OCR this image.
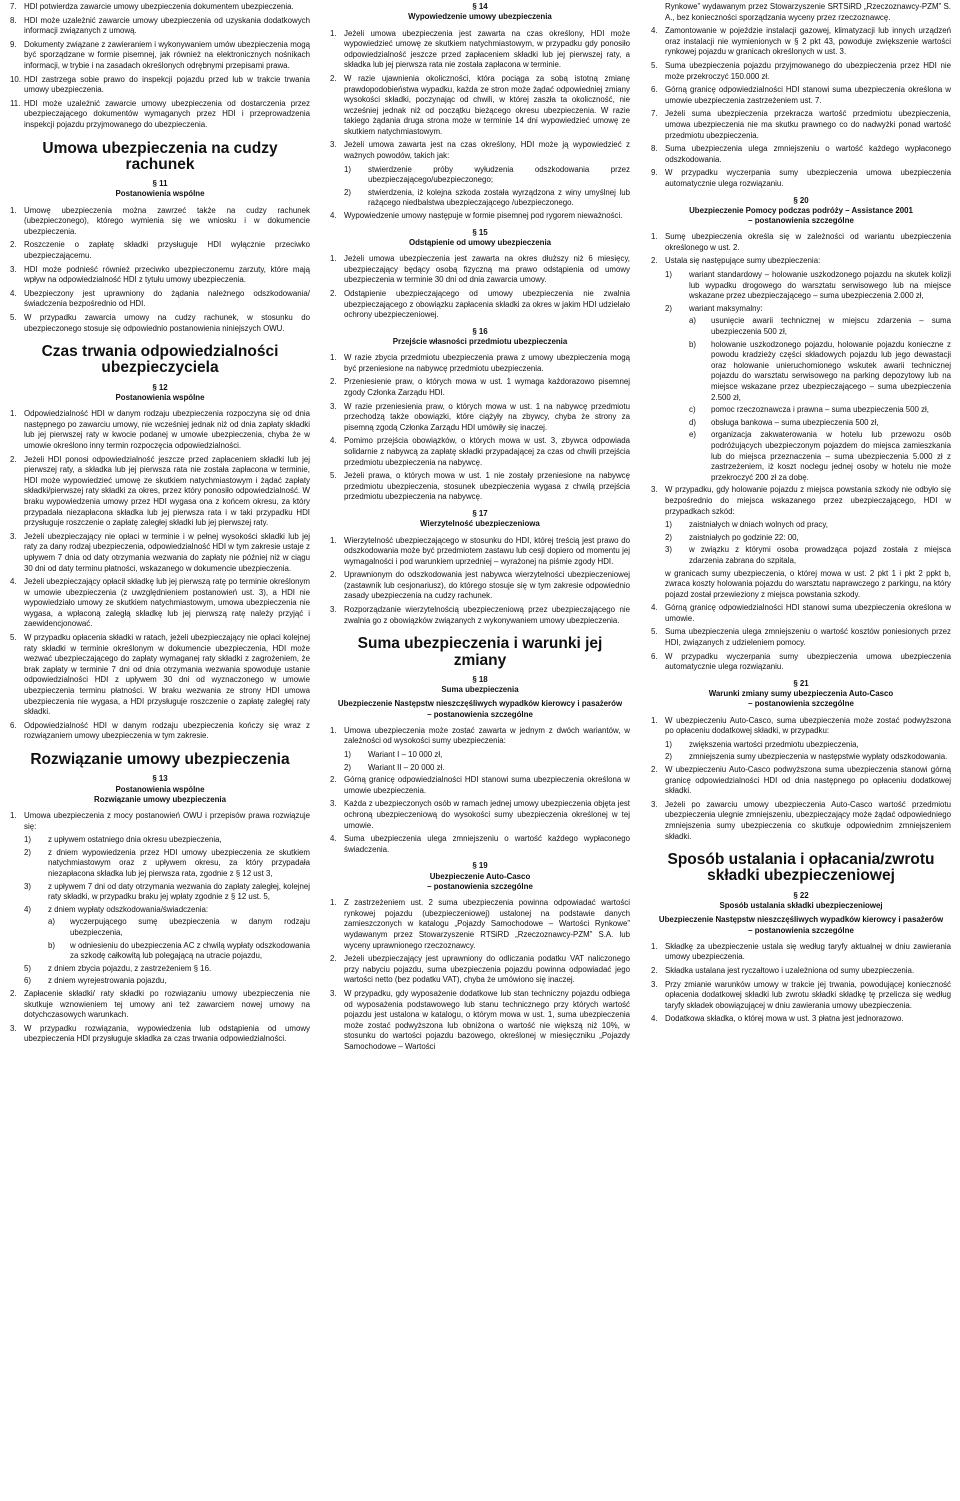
7. HDI potwierdza zawarcie umowy ubezpieczenia dokumentem ubezpieczenia.
8. HDI może uzależnić zawarcie umowy ubezpieczenia od uzyskania dodatkowych informacji związanych z umową.
9. Dokumenty związane z zawieraniem i wykonywaniem umów ubezpieczenia mogą być sporządzane w formie pisemnej, jak również na elektronicznych nośnikach informacji, w trybie i na zasadach określonych odrębnymi przepisami prawa.
10. HDI zastrzega sobie prawo do inspekcji pojazdu przed lub w trakcie trwania umowy ubezpieczenia.
11. HDI może uzależnić zawarcie umowy ubezpieczenia od dostarczenia przez ubezpieczającego dokumentów wymaganych przez HDI i przeprowadzenia inspekcji pojazdu przyjmowanego do ubezpieczenia.
Umowa ubezpieczenia na cudzy rachunek
§ 11
Postanowienia wspólne
1. Umowę ubezpieczenia można zawrzeć także na cudzy rachunek (ubezpieczonego), którego wymienia się we wniosku i w dokumencie ubezpieczenia.
2. Roszczenie o zapłatę składki przysługuje HDI wyłącznie przeciwko ubezpieczającemu.
3. HDI może podnieść również przeciwko ubezpieczonemu zarzuty, które mają wpływ na odpowiedzialność HDI z tytułu umowy ubezpieczenia.
4. Ubezpieczony jest uprawniony do żądania należnego odszkodowania/świadczenia bezpośrednio od HDI.
5. W przypadku zawarcia umowy na cudzy rachunek, w stosunku do ubezpieczonego stosuje się odpowiednio postanowienia niniejszych OWU.
Czas trwania odpowiedzialności ubezpieczyciela
§ 12
Postanowienia wspólne
1. Odpowiedzialność HDI w danym rodzaju ubezpieczenia rozpoczyna się od dnia następnego po zawarciu umowy, nie wcześniej jednak niż od dnia zapłaty składki lub jej pierwszej raty w kwocie podanej w umowie ubezpieczenia, chyba że w umowie określono inny termin rozpoczęcia odpowiedzialności.
2. Jeżeli HDI ponosi odpowiedzialność jeszcze przed zapłaceniem składki lub jej pierwszej raty, a składka lub jej pierwsza rata nie została zapłacona w terminie, HDI może wypowiedzieć umowę ze skutkiem natychmiastowym i żądać zapłaty składki/pierwszej raty składki za okres, przez który ponosiło odpowiedzialność. W braku wypowiedzenia umowy przez HDI wygasa ona z końcem okresu, za który przypadała niezapłacona składka lub jej pierwsza rata i w taki przypadku HDI przysługuje roszczenie o zapłatę zaległej składki lub jej pierwszej raty.
3. Jeżeli ubezpieczający nie opłaci w terminie i w pełnej wysokości składki lub jej raty za dany rodzaj ubezpieczenia, odpowiedzialność HDI w tym zakresie ustaje z upływem 7 dnia od daty otrzymania wezwania do zapłaty nie później niż w ciągu 30 dni od daty terminu płatności, wskazanego w dokumencie ubezpieczenia.
4. Jeżeli ubezpieczający opłacił składkę lub jej pierwszą ratę po terminie określonym w umowie ubezpieczenia (z uwzględnieniem postanowień ust. 3), a HDI nie wypowiedziało umowy ze skutkiem natychmiastowym, umowa ubezpieczenia nie wygasa, a wpłaconą zaległą składkę lub jej pierwszą ratę należy przyjąć i zaewidencjonować.
5. W przypadku opłacenia składki w ratach, jeżeli ubezpieczający nie opłaci kolejnej raty składki w terminie określonym w dokumencie ubezpieczenia, HDI może wezwać ubezpieczającego do zapłaty wymaganej raty składki z zagrożeniem, że brak zapłaty w terminie 7 dni od dnia otrzymania wezwania spowoduje ustanie odpowiedzialności HDI z upływem 30 dni od wyznaczonego w umowie ubezpieczenia terminu płatności. W braku wezwania ze strony HDI umowa ubezpieczenia nie wygasa, a HDI przysługuje roszczenie o zapłatę zaległej raty składki.
6. Odpowiedzialność HDI w danym rodzaju ubezpieczenia kończy się wraz z rozwiązaniem umowy ubezpieczenia w tym zakresie.
Rozwiązanie umowy ubezpieczenia
§ 13
Postanowienia wspólne
Rozwiązanie umowy ubezpieczenia
1. Umowa ubezpieczenia z mocy postanowień OWU i przepisów prawa rozwiązuje się:
1) z upływem ostatniego dnia okresu ubezpieczenia,
2) z dniem wypowiedzenia przez HDI umowy ubezpieczenia ze skutkiem natychmiastowym oraz z upływem okresu, za który przypadała niezapłacona składka lub jej pierwsza rata, zgodnie z § 12 ust 3,
3) z upływem 7 dni od daty otrzymania wezwania do zapłaty zaległej, kolejnej raty składki, w przypadku braku jej wpłaty zgodnie z § 12 ust. 5,
4) z dniem wypłaty odszkodowania/świadczenia:
a) wyczerpującego sumę ubezpieczenia w danym rodzaju ubezpieczenia,
b) w odniesieniu do ubezpieczenia AC z chwilą wypłaty odszkodowania za szkodę całkowitą lub polegającą na utracie pojazdu,
5) z dniem zbycia pojazdu, z zastrzeżeniem § 16.
6) z dniem wyrejestrowania pojazdu,
2. Zapłacenie składki/ raty składki po rozwiązaniu umowy ubezpieczenia nie skutkuje wznowieniem tej umowy ani też zawarciem nowej umowy na dotychczasowych warunkach.
3. W przypadku rozwiązania, wypowiedzenia lub odstąpienia od umowy ubezpieczenia HDI przysługuje składka za czas trwania odpowiedzialności.
§ 14
Wypowiedzenie umowy ubezpieczenia
1. Jeżeli umowa ubezpieczenia jest zawarta na czas określony, HDI może wypowiedzieć umowę ze skutkiem natychmiastowym, w przypadku gdy ponosiło odpowiedzialność jeszcze przed zapłaceniem składki lub jej pierwszej raty, a składka lub jej pierwsza rata nie została zapłacona w terminie.
2. W razie ujawnienia okoliczności, która pociąga za sobą istotną zmianę prawdopodobieństwa wypadku, każda ze stron może żądać odpowiedniej zmiany wysokości składki, poczynając od chwili, w której zaszła ta okoliczność, nie wcześniej jednak niż od początku bieżącego okresu ubezpieczenia. W razie takiego żądania druga strona może w terminie 14 dni wypowiedzieć umowę ze skutkiem natychmiastowym.
3. Jeżeli umowa zawarta jest na czas określony, HDI może ją wypowiedzieć z ważnych powodów, takich jak:
1) stwierdzenie próby wyłudzenia odszkodowania przez ubezpieczającego/ubezpieczonego;
2) stwierdzenia, iż kolejna szkoda została wyrządzona z winy umyślnej lub rażącego niedbalstwa ubezpieczającego /ubezpieczonego.
4. Wypowiedzenie umowy następuje w formie pisemnej pod rygorem nieważności.
§ 15
Odstąpienie od umowy ubezpieczenia
1. Jeżeli umowa ubezpieczenia jest zawarta na okres dłuższy niż 6 miesięcy, ubezpieczający będący osobą fizyczną ma prawo odstąpienia od umowy ubezpieczenia w terminie 30 dni od dnia zawarcia umowy.
2. Odstąpienie ubezpieczającego od umowy ubezpieczenia nie zwalnia ubezpieczającego z obowiązku zapłacenia składki za okres w jakim HDI udzielało ochrony ubezpieczeniowej.
§ 16
Przejście własności przedmiotu ubezpieczenia
1. W razie zbycia przedmiotu ubezpieczenia prawa z umowy ubezpieczenia mogą być przeniesione na nabywcę przedmiotu ubezpieczenia.
2. Przeniesienie praw, o których mowa w ust. 1 wymaga każdorazowo pisemnej zgody Członka Zarządu HDI.
3. W razie przeniesienia praw, o których mowa w ust. 1 na nabywcę przedmiotu przechodzą także obowiązki, które ciążyły na zbywcy, chyba że strony za pisemną zgodą Członka Zarządu HDI umówiły się inaczej.
4. Pomimo przejścia obowiązków, o których mowa w ust. 3, zbywca odpowiada solidarnie z nabywcą za zapłatę składki przypadającej za czas od chwili przejścia przedmiotu ubezpieczenia na nabywcę.
5. Jeżeli prawa, o których mowa w ust. 1 nie zostały przeniesione na nabywcę przedmiotu ubezpieczenia, stosunek ubezpieczenia wygasa z chwilą przejścia przedmiotu ubezpieczenia na nabywcę.
§ 17
Wierzytelność ubezpieczeniowa
1. Wierzytelność ubezpieczającego w stosunku do HDI, której treścią jest prawo do odszkodowania może być przedmiotem zastawu lub cesji dopiero od momentu jej wymagalności i pod warunkiem uprzedniej – wyrażonej na piśmie zgody HDI.
2. Uprawnionym do odszkodowania jest nabywca wierzytelności ubezpieczeniowej (zastawnik lub cesjonariusz), do którego stosuje się w tym zakresie odpowiednio zasady ubezpieczenia na cudzy rachunek.
3. Rozporządzanie wierzytelnością ubezpieczeniową przez ubezpieczającego nie zwalnia go z obowiązków związanych z wykonywaniem umowy ubezpieczenia.
Suma ubezpieczenia i warunki jej zmiany
§ 18
Suma ubezpieczenia
Ubezpieczenie Następstw nieszczęśliwych wypadków kierowcy i pasażerów
– postanowienia szczególne
1. Umowa ubezpieczenia może zostać zawarta w jednym z dwóch wariantów, w zależności od wysokości sumy ubezpieczenia:
1) Wariant I – 10 000 zł,
2) Wariant II – 20 000 zł.
2. Górną granicę odpowiedzialności HDI stanowi suma ubezpieczenia określona w umowie ubezpieczenia.
3. Każda z ubezpieczonych osób w ramach jednej umowy ubezpieczenia objęta jest ochroną ubezpieczeniową do wysokości sumy ubezpieczenia określonej w tej umowie.
4. Suma ubezpieczenia ulega zmniejszeniu o wartość każdego wypłaconego świadczenia.
§ 19
Ubezpieczenie Auto-Casco
– postanowienia szczególne
1. Z zastrzeżeniem ust. 2 suma ubezpieczenia powinna odpowiadać wartości rynkowej pojazdu (ubezpieczeniowej) ustalonej na podstawie danych zamieszczonych w katalogu „Pojazdy Samochodowe – Wartości Rynkowe” wydawanym przez Stowarzyszenie RTSiRD „Rzeczoznawcy-PZM” S.A. lub wyceny uprawnionego rzeczoznawcy.
2. Jeżeli ubezpieczający jest uprawniony do odliczania podatku VAT naliczonego przy nabyciu pojazdu, suma ubezpieczenia pojazdu powinna odpowiadać jego wartości netto (bez podatku VAT), chyba że umówiono się inaczej.
3. W przypadku, gdy wyposażenie dodatkowe lub stan techniczny pojazdu odbiega od wyposażenia podstawowego lub stanu technicznego przy których wartość pojazdu jest ustalona w katalogu, o którym mowa w ust. 1, suma ubezpieczenia może zostać podwyższona lub obniżona o wartość nie większą niż 10%, w stosunku do wartości pojazdu bazowego, określonej w miesięczniku „Pojazdy Samochodowe – Wartości
Rynkowe” wydawanym przez Stowarzyszenie SRTSiRD „Rzeczoznawcy-PZM” S. A., bez konieczności sporządzania wyceny przez rzeczoznawcę.
4. Zamontowanie w pojeździe instalacji gazowej, klimatyzacji lub innych urządzeń oraz instalacji nie wymienionych w § 2 pkt 43, powoduje zwiększenie wartości rynkowej pojazdu w granicach określonych w ust. 3.
5. Suma ubezpieczenia pojazdu przyjmowanego do ubezpieczenia przez HDI nie może przekroczyć 150.000 zł.
6. Górną granicę odpowiedzialności HDI stanowi suma ubezpieczenia określona w umowie ubezpieczenia zastrzeżeniem ust. 7.
7. Jeżeli suma ubezpieczenia przekracza wartość przedmiotu ubezpieczenia, umowa ubezpieczenia nie ma skutku prawnego co do nadwyżki ponad wartość przedmiotu ubezpieczenia.
8. Suma ubezpieczenia ulega zmniejszeniu o wartość każdego wypłaconego odszkodowania.
9. W przypadku wyczerpania sumy ubezpieczenia umowa ubezpieczenia automatycznie ulega rozwiązaniu.
§ 20
Ubezpieczenie Pomocy podczas podróży – Assistance 2001
– postanowienia szczególne
1. Sumę ubezpieczenia określa się w zależności od wariantu ubezpieczenia określonego w ust. 2.
2. Ustala się następujące sumy ubezpieczenia:
1) wariant standardowy – holowanie uszkodzonego pojazdu na skutek kolizji lub wypadku drogowego do warsztatu serwisowego lub na miejsce wskazane przez ubezpieczającego – suma ubezpieczenia 2.000 zł,
2) wariant maksymalny:
a) usunięcie awarii technicznej w miejscu zdarzenia – suma ubezpieczenia 500 zł,
b) holowanie uszkodzonego pojazdu, holowanie pojazdu konieczne z powodu kradzieży części składowych pojazdu lub jego dewastacji oraz holowanie unieruchomionego wskutek awarii technicznej pojazdu do warsztatu serwisowego na parking depozytowy lub na miejsce wskazane przez ubezpieczającego – suma ubezpieczenia 2.500 zł,
c) pomoc rzeczoznawcza i prawna – suma ubezpieczenia 500 zł,
d) obsługa bankowa – suma ubezpieczenia 500 zł,
e) organizacja zakwaterowania w hotelu lub przewozu osób podróżujących ubezpieczonym pojazdem do miejsca zamieszkania lub do miejsca przeznaczenia – suma ubezpieczenia 5.000 zł z zastrzeżeniem, iż koszt noclegu jednej osoby w hotelu nie może przekroczyć 200 zł za dobę.
3. W przypadku, gdy holowanie pojazdu z miejsca powstania szkody nie odbyło się bezpośrednio do miejsca wskazanego przez ubezpieczającego, HDI w przypadkach szkód:
1) zaistniałych w dniach wolnych od pracy,
2) zaistniałych po godzinie 22: 00,
3) w związku z którymi osoba prowadząca pojazd została z miejsca zdarzenia zabrana do szpitala,
w granicach sumy ubezpieczenia, o której mowa w ust. 2 pkt 1 i pkt 2 ppkt b, zwraca koszty holowania pojazdu do warsztatu naprawczego z parkingu, na który pojazd został przewieziony z miejsca powstania szkody.
4. Górną granicę odpowiedzialności HDI stanowi suma ubezpieczenia określona w umowie.
5. Suma ubezpieczenia ulega zmniejszeniu o wartość kosztów poniesionych przez HDI, związanych z udzieleniem pomocy.
6. W przypadku wyczerpania sumy ubezpieczenia umowa ubezpieczenia automatycznie ulega rozwiązaniu.
§ 21
Warunki zmiany sumy ubezpieczenia Auto-Casco
– postanowienia szczególne
1. W ubezpieczeniu Auto-Casco, suma ubezpieczenia może zostać podwyższona po opłaceniu dodatkowej składki, w przypadku:
1) zwiększenia wartości przedmiotu ubezpieczenia,
2) zmniejszenia sumy ubezpieczenia w następstwie wypłaty odszkodowania.
2. W ubezpieczeniu Auto-Casco podwyższona suma ubezpieczenia stanowi górną granicę odpowiedzialności HDI od dnia następnego po opłaceniu dodatkowej składki.
3. Jeżeli po zawarciu umowy ubezpieczenia Auto-Casco wartość przedmiotu ubezpieczenia ulegnie zmniejszeniu, ubezpieczający może żądać odpowiedniego zmniejszenia sumy ubezpieczenia co skutkuje odpowiednim zmniejszeniem składki.
Sposób ustalania i opłacania/zwrotu składki ubezpieczeniowej
§ 22
Sposób ustalania składki ubezpieczeniowej
Ubezpieczenie Następstw nieszczęśliwych wypadków kierowcy i pasażerów
– postanowienia szczególne
1. Składkę za ubezpieczenie ustala się według taryfy aktualnej w dniu zawierania umowy ubezpieczenia.
2. Składka ustalana jest ryczałtowo i uzależniona od sumy ubezpieczenia.
3. Przy zmianie warunków umowy w trakcie jej trwania, powodującej konieczność opłacenia dodatkowej składki lub zwrotu składki składkę tę przelicza się według taryfy składek obowiązującej w dniu zawierania umowy ubezpieczenia.
4. Dodatkowa składka, o której mowa w ust. 3 płatna jest jednorazowo.
